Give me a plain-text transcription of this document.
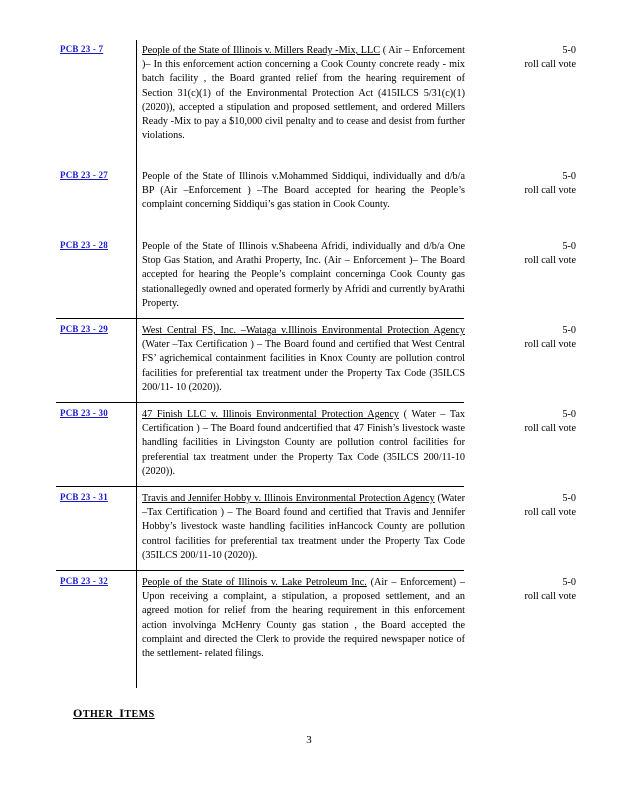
PCB 23 - 7	People of the State of Illinois v. Millers Ready -Mix, LLC ( Air – Enforcement )– In this enforcement action concerning a Cook County concrete ready - mix batch facility , the Board granted relief from the hearing requirement of Section 31(c)(1) of the Environmental Protection Act (415ILCS 5/31(c)(1) (2020)), accepted a stipulation and proposed settlement, and ordered Millers Ready -Mix to pay a $10,000 civil penalty and to cease and desist from further violations.
5-0
roll call vote
PCB 23 - 27	People of the State of Illinois v.Mohammed Siddiqui, individually and d/b/a BP (Air –Enforcement ) –The Board accepted for hearing the People’s complaint concerning Siddiqui’s gas station in Cook County.
5-0
roll call vote
PCB 23 - 28	People of the State of Illinois v.Shabeena Afridi, individually and d/b/a One Stop Gas Station, and Arathi Property, Inc. (Air – Enforcement )– The Board accepted for hearing the People’s complaint concerninga Cook County gas stationallegedly owned and operated formerly by Afridi and currently byArathi Property.
5-0
roll call vote
PCB 23 - 29	West Central FS, Inc. –Wataga v.Illinois Environmental Protection Agency (Water –Tax Certification ) – The Board found and certified that West Central FS’ agrichemical containment facilities in Knox County are pollution control facilities for preferential tax treatment under the Property Tax Code (35ILCS 200/11- 10 (2020)).
5-0
roll call vote
PCB 23 - 30	47 Finish LLC v. Illinois Environmental Protection Agency ( Water – Tax Certification ) – The Board found andcertified that 47 Finish’s livestock waste handling facilities in Livingston County are pollution control facilities for preferential tax treatment under the Property Tax Code (35ILCS 200/11-10 (2020)).
5-0
roll call vote
PCB 23 - 31	Travis and Jennifer Hobby v. Illinois Environmental Protection Agency (Water –Tax Certification ) – The Board found and certified that Travis and Jennifer Hobby’s livestock waste handling facilities inHancock County are pollution control facilities for preferential tax treatment under the Property Tax Code (35ILCS 200/11-10 (2020)).
5-0
roll call vote
PCB 23 - 32	People of the State of Illinois v. Lake Petroleum Inc. (Air – Enforcement) – Upon receiving a complaint, a stipulation, a proposed settlement, and an agreed motion for relief from the hearing requirement in this enforcement action involvinga McHenry County gas station , the Board accepted the complaint and directed the Clerk to provide the required newspaper notice of the settlement- related filings.
5-0
roll call vote
OTHER ITEMS
3
